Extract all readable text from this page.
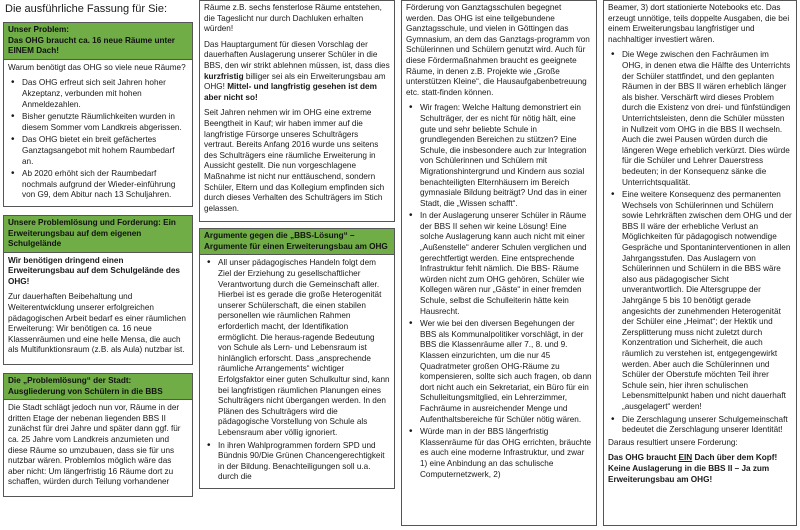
Die ausführliche Fassung für Sie:
Unser Problem:
Das OHG braucht ca. 16 neue Räume unter EINEM Dach!

Warum benötigt das OHG so viele neue Räume?

• Das OHG erfreut sich seit Jahren hoher Akzeptanz, verbunden mit hohen Anmeldezahlen.
• Bisher genutzte Räumlichkeiten wurden in diesem Sommer vom Landkreis abgerissen.
• Das OHG bietet ein breit gefächertes Ganztagsangebot mit hohem Raumbedarf an.
• Ab 2020 erhöht sich der Raumbedarf nochmals aufgrund der Wieder-einführung von G9, dem Abitur nach 13 Schuljahren.
Unsere Problemlösung und Forderung: Ein Erweiterungsbau auf dem eigenen Schulgelände

Wir benötigen dringend einen Erweiterungsbau auf dem Schulgelände des OHG!

Zur dauerhaften Beibehaltung und Weiterentwicklung unserer erfolgreichen pädagogischen Arbeit bedarf es einer räumlichen Erweiterung: Wir benötigen ca. 16 neue Klassenräumen und eine helle Mensa, die auch als Multifunktionsraum (z.B. als Aula) nutzbar ist.

Die „Problemlösung“ der Stadt: Ausgliederung von Schülern in die BBS

Die Stadt schlägt jedoch nun vor, Räume in der dritten Etage der nebenan liegenden BBS II zunächst für drei Jahre und später dann ggf. für ca. 25 Jahre vom Landkreis anzumieten und diese Räume so umzubauen, dass sie für uns nutzbar wären. Problemlos möglich wäre das aber nicht: Um längerfristig 16 Räume dort zu schaffen, würden durch Teilung vorhandener

Räume z.B. sechs fensterlose Räume entstehen, die Tageslicht nur durch Dachluken erhalten würden!

Das Hauptargument für diesen Vorschlag der dauerhaften Auslagerung unserer Schüler in die BBS, den wir strikt ablehnen müssen, ist, dass dies kurzfristig billiger sei als ein Erweiterungsbau am OHG! Mittel- und langfristig gesehen ist dem aber nicht so!

Seit Jahren nehmen wir im OHG eine extreme Beengtheit in Kauf; wir haben immer auf die langfristige Fürsorge unseres Schulträgers vertraut. Bereits Anfang 2016 wurde uns seitens des Schulträgers eine räumliche Erweiterung in Aussicht gestellt. Die nun vorgeschlagene Maßnahme ist nicht nur enttäuschend, sondern Schüler, Eltern und das Kollegium empfinden sich durch dieses Verhalten des Schulträgers im Stich gelassen.

Argumente gegen die „BBS-Lösung“ – Argumente für einen Erweiterungsbau am OHG
• All unser pädagogisches Handeln folgt dem Ziel der Erziehung zu gesellschaftlicher Verantwortung durch die Gemeinschaft aller. Hierbei ist es gerade die große Heterogenität unserer Schülerschaft, die einen stabilen personellen wie räumlichen Rahmen erforderlich macht, der Identifikation ermöglicht. Die heraus-ragende Bedeutung von Schule als Lern- und Lebensraum ist hinlänglich erforscht. Dass „ansprechende räumliche Arrangements“ wichtiger Erfolgsfaktor einer guten Schulkultur sind, kann bei langfristigen räumlichen Planungen eines Schulträgers nicht übergangen werden. In den Plänen des Schulträgers wird die pädagogische Vorstellung von Schule als Lebensraum aber völlig ignoriert.
• In ihren Wahlprogrammen fordern SPD und Bündnis 90/Die Grünen Chancengerechtigkeit in der Bildung. Benachteiligungen soll u.a. durch die

Förderung von Ganztagsschulen begegnet werden. Das OHG ist eine teilgebundene Ganztagsschule, und vielen in Göttingen das Gymnasium, an dem das Ganztags-programm von Schülerinnen und Schülern genutzt wird. Auch für diese Fördermaßnahmen braucht es geeignete Räume, in denen z.B. Projekte wie „Große unterstützen Kleine“, die Hausaufgabenbetreuung etc. statt-finden können.

• Wir fragen: Welche Haltung demonstriert ein Schulträger, der es nicht für nötig hält, eine gute und sehr beliebte Schule in grundlegenden Bereichen zu stützen? Eine Schule, die insbesondere auch zur Integration von Schülerinnen und Schülern mit Migrationshintergrund und Kindern aus sozial benachteiligten Elternhäusern im Bereich gymnasiale Bildung beiträgt? Und das in einer Stadt, die „Wissen schafft“.
• In der Auslagerung unserer Schüler in Räume der BBS II sehen wir keine Lösung! Eine solche Auslagerung kann auch nicht mit einer „Außenstelle“ anderer Schulen verglichen und gerechtfertigt werden. Eine entsprechende Infrastruktur fehlt nämlich. Die BBS- Räume würden nicht zum OHG gehören, Schüler wie Kollegen wären nur „Gäste“ in einer fremden Schule, selbst die Schulleiterin hätte kein Hausrecht.
• Wer wie bei den diversen Begehungen der BBS als Kommunalpolitiker vorschlägt, in der BBS die Klassenräume aller 7., 8. und 9. Klassen einzurichten, um die nur 45 Quadratmeter großen OHG-Räume zu kompensieren, sollte sich auch fragen, ob dann dort nicht auch ein Sekretariat, ein Büro für ein Schulleitungsmitglied, ein Lehrerzimmer, Fachräume in ausreichender Menge und Aufenthaltsbereiche für Schüler nötig wären.
• Würde man in der BBS längerfristig Klassenräume für das OHG errichten, bräuchte es auch eine moderne Infrastruktur, und zwar 1) eine Anbindung an das schulische Computernetzwerk, 2)

Beamer, 3) dort stationierte Notebooks etc. Das erzeugt unnötige, teils doppelte Ausgaben, die bei einem Erweiterungsbau langfristiger und nachhaltiger investiert wären.

• Die Wege zwischen den Fachräumen im OHG, in denen etwa die Hälfte des Unterrichts der Schüler stattfindet, und den geplanten Räumen in der BBS II wären erheblich länger als bisher. Verschärft wird dieses Problem durch die Existenz von drei- und fünfstündigen Unterrichtsleisten, denn die Schüler müssten in Nullzeit vom OHG in die BBS II wechseln. Auch die zwei Pausen würden durch die längeren Wege erheblich verkürzt. Dies würde für die Schüler und Lehrer Dauerstress bedeuten; in der Konsequenz sänke die Unterrichtsqualität.
• Eine weitere Konsequenz des permanenten Wechsels von Schülerinnen und Schülern sowie Lehrkräften zwischen dem OHG und der BBS II wäre der erhebliche Verlust an Möglichkeiten für pädagogisch notwendige Gespräche und Spontaninterventionen in allen Jahrgangsstufen. Das Auslagern von Schülerinnen und Schülern in die BBS wäre also aus pädagogischer Sicht unverantwortlich. Die Altersgruppe der Jahrgänge 5 bis 10 benötigt gerade angesichts der zunehmenden Heterogenität der Schüler eine „Heimat“; der Hektik und Zersplitterung muss nicht zuletzt durch Konzentration und Sicherheit, die auch räumlich zu verstehen ist, entgegengewirkt werden. Aber auch die Schülerinnen und Schüler der Oberstufe möchten Teil ihrer Schule sein, hier ihren schulischen Lebensmittelpunkt haben und nicht dauerhaft „ausgelagert“ werden!
• Die Zerschlagung unserer Schulgemeinschaft bedeutet die Zerschlagung unserer Identität!

Daraus resultiert unsere Forderung:

Das OHG braucht EIN Dach über dem Kopf! Keine Auslagerung in die BBS II – Ja zum Erweiterungsbau am OHG!
